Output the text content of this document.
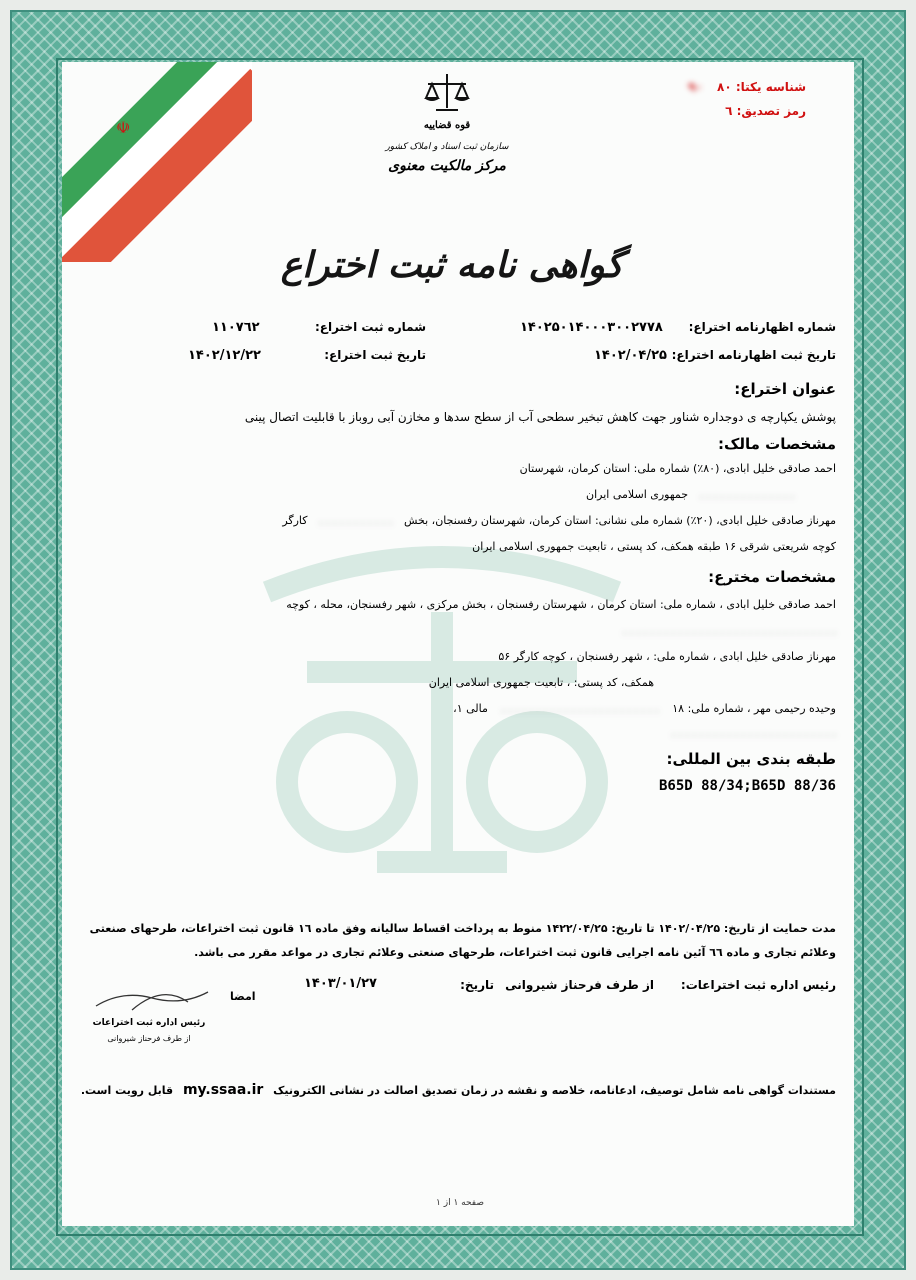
☫
شناسه یکتا: ۸۰ ۹۰
رمز تصدیق: ٦
قوه قضاییه
سازمان ثبت اسناد و املاک کشور
مرکز مالکیت معنوی
گواهی نامه ثبت اختراع
شماره اظهارنامه اختراع:
۱۴۰۲۵۰۱۴۰۰۰۳۰۰۲۷۷۸
شماره ثبت اختراع:
۱۱۰۷٦۲
تاریخ ثبت اظهارنامه اختراع:
۱۴۰۲/۰۴/۲۵
تاریخ ثبت اختراع:
۱۴۰۲/۱۲/۲۲
عنوان اختراع:
پوشش یکپارچه ی دوجداره شناور جهت کاهش تبخیر سطحی آب از سطح سدها و مخازن آبی روباز با قابلیت اتصال پینی
مشخصات مالک:
احمد صادقی خلیل ابادی، (۸۰٪) شماره ملی: استان کرمان، شهرستان
. . . . . . . . . . . . . . جمهوری اسلامی ایران
مهرناز صادقی خلیل ابادی، (۲۰٪) شماره ملی نشانی: استان کرمان، شهرستان رفسنجان، بخش . . . . . . . . . . . کارگر
کوچه شریعتی شرقی ۱۶ طبقه همکف، کد پستی ، تابعیت جمهوری اسلامی ایران
مشخصات مخترع:
احمد صادقی خلیل ابادی ، شماره ملی: استان کرمان ، شهرستان رفسنجان ، بخش مرکزی ، شهر رفسنجان، محله ، کوچه
. . . . . . . . . . . . . . . . . . . . . . . . . . . . . . .
مهرناز صادقی خلیل ابادی ، شماره ملی: ، شهر رفسنجان ، کوچه کارگر ۵۶
همکف، کد پستی: ، تابعیت جمهوری اسلامی ایران
وحیده رحیمی مهر ، شماره ملی: ۱۸ . . . . . . . . . . . . . . . . . . . . . . . مالی ۱،
. . . . . . . . . . . . . . . . . . . . . . . .
طبقه بندی بین المللی:
B65D 88/34;B65D 88/36
مدت حمایت از تاریخ: ۱۴۰۲/۰۴/۲۵ تا تاریخ: ۱۴۲۲/۰۴/۲۵ منوط به پرداخت اقساط سالیانه وفق ماده ١٦ قانون ثبت اختراعات، طرحهای صنعتی
وعلائم تجاری و ماده ٦٦ آئین نامه اجرایی قانون ثبت اختراعات، طرحهای صنعتی وعلائم تجاری در مواعد مقرر می باشد.
رئیس اداره ثبت اختراعات:
از طرف فرحناز شیروانی
تاریخ:
۱۴۰۳/۰۱/۲۷
امضا
رئیس اداره ثبت اختراعات
از طرف فرحناز شیروانی
مستندات گواهی نامه شامل توصیف، ادعانامه، خلاصه و نقشه در زمان تصدیق اصالت در نشانی الکترونیک my.ssaa.ir قابل رویت است.
صفحه ۱ از ۱
